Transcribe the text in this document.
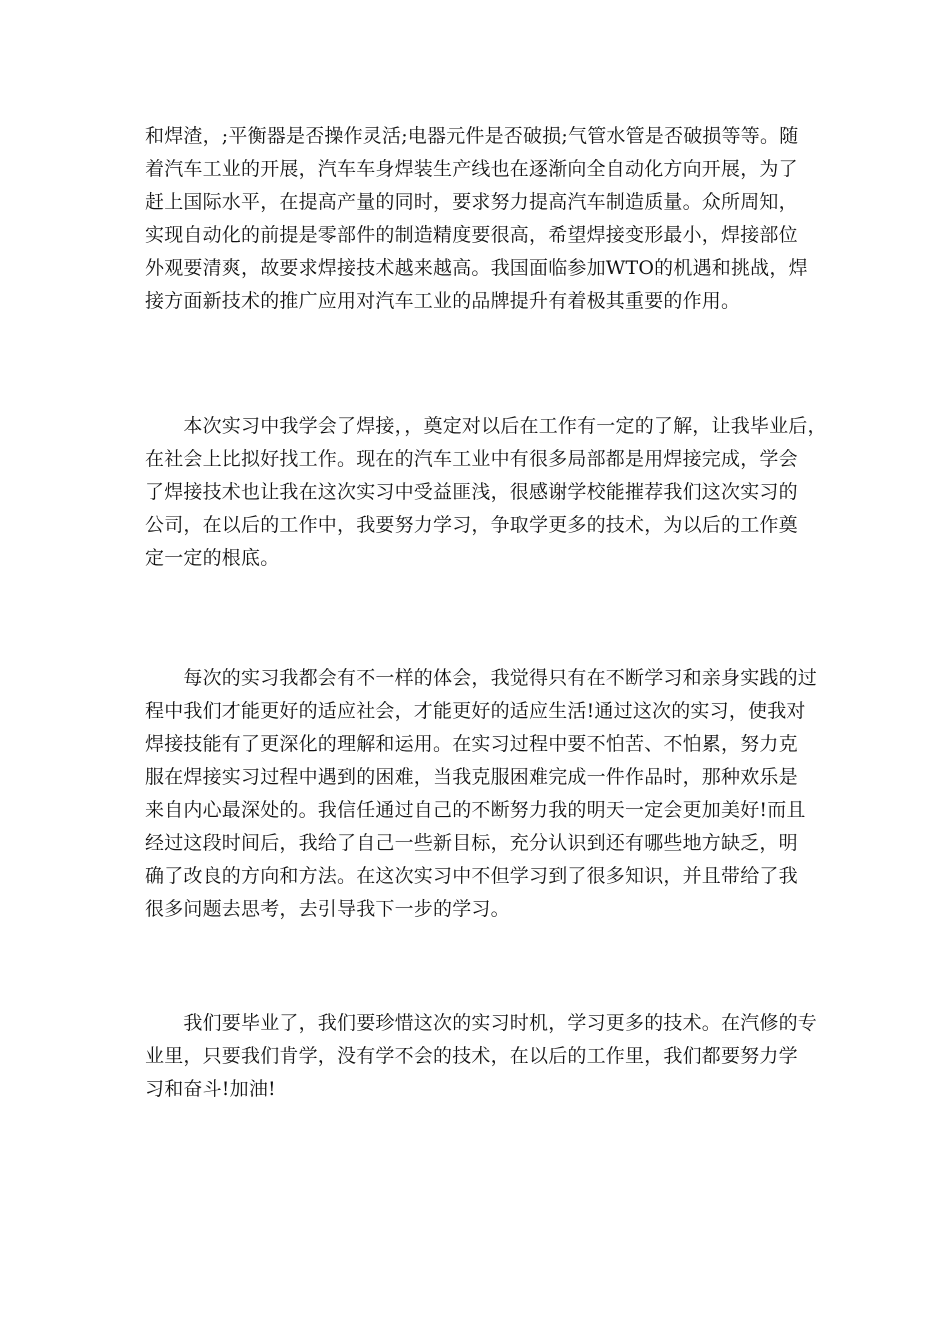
和焊渣，;平衡器是否操作灵活;电器元件是否破损;气管水管是否破损等等。随
着汽车工业的开展，汽车车身焊装生产线也在逐渐向全自动化方向开展，为了
赶上国际水平，在提高产量的同时，要求努力提高汽车制造质量。众所周知，
实现自动化的前提是零部件的制造精度要很高，希望焊接变形最小，焊接部位
外观要清爽，故要求焊接技术越来越高。我国面临参加WTO的机遇和挑战，焊
接方面新技术的推广应用对汽车工业的品牌提升有着极其重要的作用。
　　本次实习中我学会了焊接，，奠定对以后在工作有一定的了解，让我毕业后，
在社会上比拟好找工作。现在的汽车工业中有很多局部都是用焊接完成，学会
了焊接技术也让我在这次实习中受益匪浅，很感谢学校能摧荐我们这次实习的
公司，在以后的工作中，我要努力学习，争取学更多的技术，为以后的工作奠
定一定的根底。
　　每次的实习我都会有不一样的体会，我觉得只有在不断学习和亲身实践的过
程中我们才能更好的适应社会，才能更好的适应生活!通过这次的实习，使我对
焊接技能有了更深化的理解和运用。在实习过程中要不怕苦、不怕累，努力克
服在焊接实习过程中遇到的困难，当我克服困难完成一件作品时，那种欢乐是
来自内心最深处的。我信任通过自己的不断努力我的明天一定会更加美好!而且
经过这段时间后，我给了自己一些新目标，充分认识到还有哪些地方缺乏，明
确了改良的方向和方法。在这次实习中不但学习到了很多知识，并且带给了我
很多问题去思考，去引导我下一步的学习。
　　我们要毕业了，我们要珍惜这次的实习时机，学习更多的技术。在汽修的专
业里，只要我们肯学，没有学不会的技术，在以后的工作里，我们都要努力学
习和奋斗!加油!
